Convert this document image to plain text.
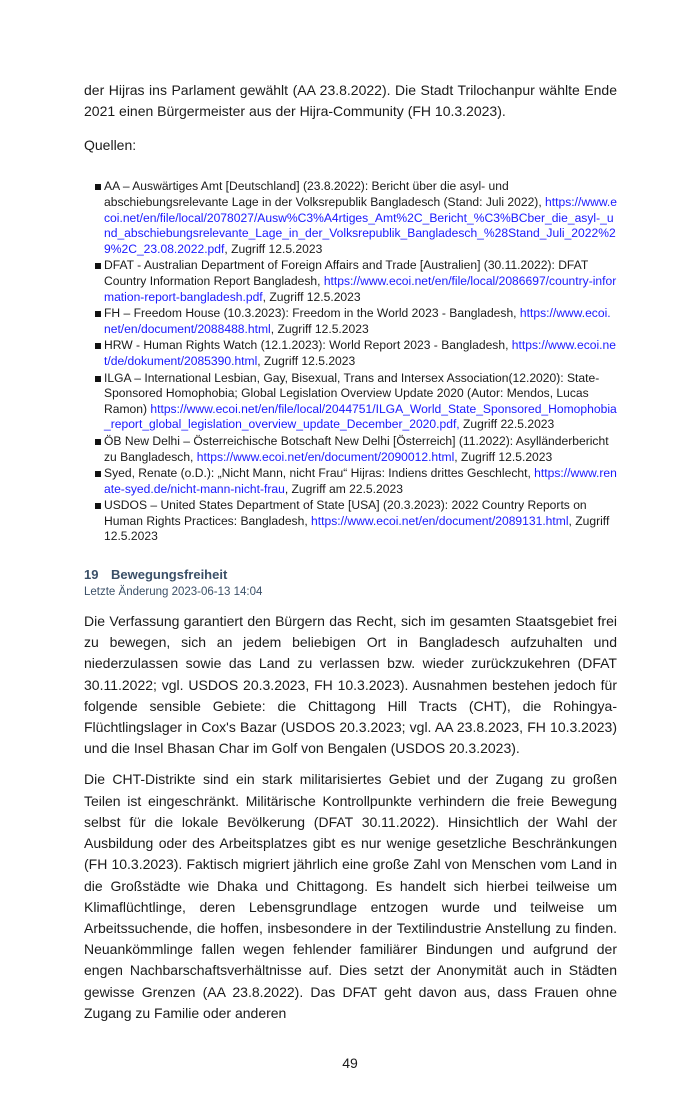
der Hijras ins Parlament gewählt (AA 23.8.2022). Die Stadt Trilochanpur wählte Ende 2021 einen Bürgermeister aus der Hijra-Community (FH 10.3.2023).

Quellen:

AA – Auswärtiges Amt [Deutschland] (23.8.2022): Bericht über die asyl- und abschiebungsrelevante Lage in der Volksrepublik Bangladesch (Stand: Juli 2022), https://www.ecoi.net/en/file/local/2078027/Ausw%C3%A4rtiges_Amt%2C_Bericht_%C3%BCber_die_asyl-_und_abschiebungsrelevante_Lage_in_der_Volksrepublik_Bangladesch_%28Stand_Juli_2022%29%2C_23.08.2022.pdf, Zugriff 12.5.2023
DFAT - Australian Department of Foreign Affairs and Trade [Australien] (30.11.2022): DFAT Country Information Report Bangladesh, https://www.ecoi.net/en/file/local/2086697/country-information-report-bangladesh.pdf, Zugriff 12.5.2023
FH – Freedom House (10.3.2023): Freedom in the World 2023 - Bangladesh, https://www.ecoi.net/en/document/2088488.html, Zugriff 12.5.2023
HRW - Human Rights Watch (12.1.2023): World Report 2023 - Bangladesh, https://www.ecoi.net/de/dokument/2085390.html, Zugriff 12.5.2023
ILGA – International Lesbian, Gay, Bisexual, Trans and Intersex Association(12.2020): State-Sponsored Homophobia; Global Legislation Overview Update 2020 (Autor: Mendos, Lucas Ramon) https://www.ecoi.net/en/file/local/2044751/ILGA_World_State_Sponsored_Homophobia_report_global_legislation_overview_update_December_2020.pdf, Zugriff 22.5.2023
ÖB New Delhi – Österreichische Botschaft New Delhi [Österreich] (11.2022): Asylländerbericht zu Bangladesch, https://www.ecoi.net/en/document/2090012.html, Zugriff 12.5.2023
Syed, Renate (o.D.): „Nicht Mann, nicht Frau“ Hijras: Indiens drittes Geschlecht, https://www.renate-syed.de/nicht-mann-nicht-frau, Zugriff am 22.5.2023
USDOS – United States Department of State [USA] (20.3.2023): 2022 Country Reports on Human Rights Practices: Bangladesh, https://www.ecoi.net/en/document/2089131.html, Zugriff 12.5.2023
19 Bewegungsfreiheit
Letzte Änderung 2023-06-13 14:04

Die Verfassung garantiert den Bürgern das Recht, sich im gesamten Staatsgebiet frei zu bewegen, sich an jedem beliebigen Ort in Bangladesch aufzuhalten und niederzulassen sowie das Land zu verlassen bzw. wieder zurückzukehren (DFAT 30.11.2022; vgl. USDOS 20.3.2023, FH 10.3.2023). Ausnahmen bestehen jedoch für folgende sensible Gebiete: die Chittagong Hill Tracts (CHT), die Rohingya-Flüchtlingslager in Cox's Bazar (USDOS 20.3.2023; vgl. AA 23.8.2023, FH 10.3.2023) und die Insel Bhasan Char im Golf von Bengalen (USDOS 20.3.2023).

Die CHT-Distrikte sind ein stark militarisiertes Gebiet und der Zugang zu großen Teilen ist eingeschränkt. Militärische Kontrollpunkte verhindern die freie Bewegung selbst für die lokale Bevölkerung (DFAT 30.11.2022). Hinsichtlich der Wahl der Ausbildung oder des Arbeitsplatzes gibt es nur wenige gesetzliche Beschränkungen (FH 10.3.2023). Faktisch migriert jährlich eine große Zahl von Menschen vom Land in die Großstädte wie Dhaka und Chittagong. Es handelt sich hierbei teilweise um Klimaflüchtlinge, deren Lebensgrundlage entzogen wurde und teilweise um Arbeitssuchende, die hoffen, insbesondere in der Textilindustrie Anstellung zu finden. Neuankömmlinge fallen wegen fehlender familiärer Bindungen und aufgrund der engen Nachbarschaftsverhältnisse auf. Dies setzt der Anonymität auch in Städten gewisse Grenzen (AA 23.8.2022). Das DFAT geht davon aus, dass Frauen ohne Zugang zu Familie oder anderen

49
